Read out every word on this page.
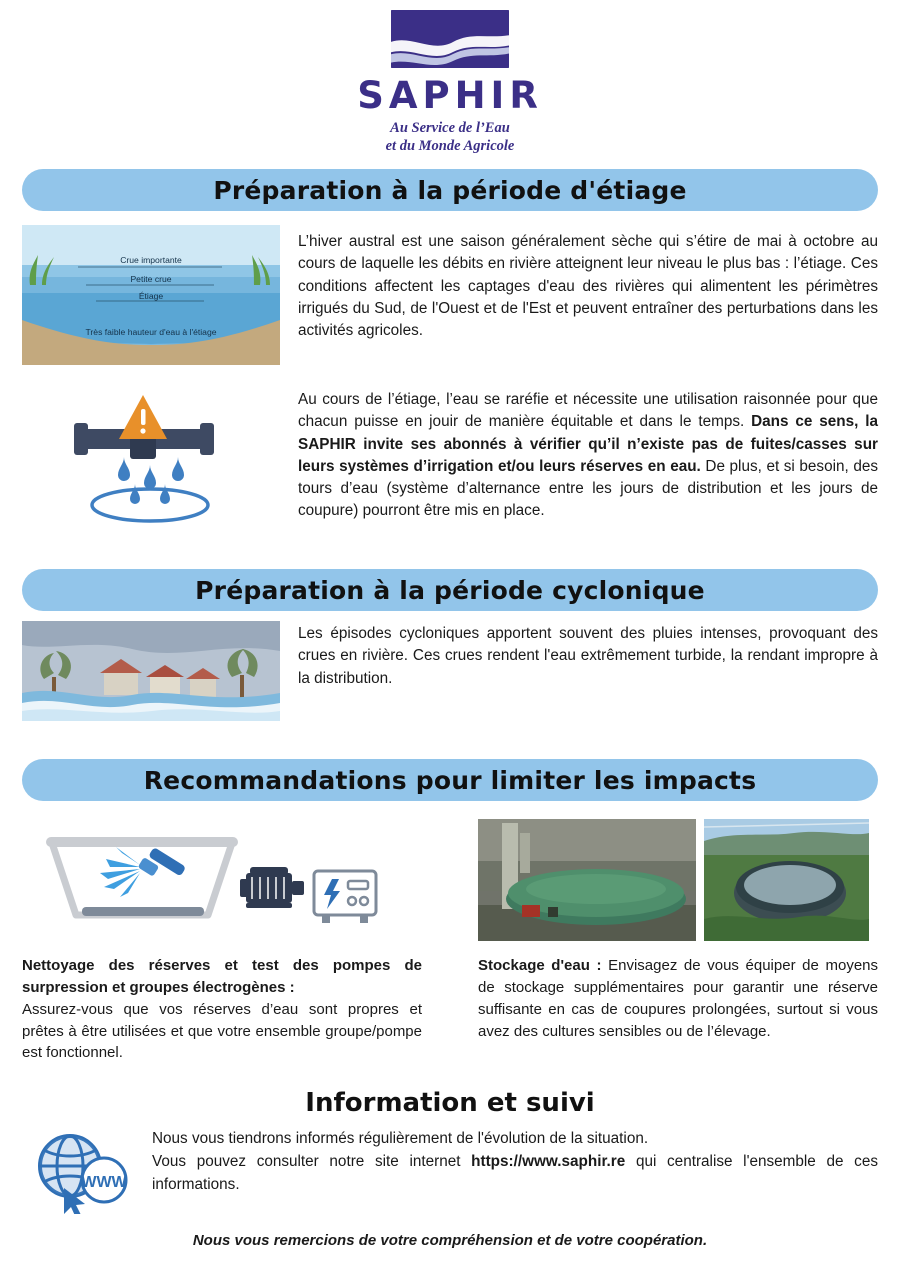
SAPHIR
Au Service de l’Eau
et du Monde Agricole
Préparation à la période d'étiage
Crue importante
Petite crue
Étiage
Très faible hauteur d'eau à l'étiage

L’hiver austral est une saison généralement sèche qui s’étire de mai à octobre au cours de laquelle les débits en rivière atteignent leur niveau le plus bas : l’étiage. Ces conditions affectent les captages d'eau des rivières qui alimentent les périmètres irrigués du Sud, de l'Ouest et de l'Est et peuvent entraîner des perturbations dans les activités agricoles.

Au cours de l’étiage, l’eau se raréfie et nécessite une utilisation raisonnée pour que chacun puisse en jouir de manière équitable et dans le temps. Dans ce sens, la SAPHIR invite ses abonnés à vérifier qu’il n’existe pas de fuites/casses sur leurs systèmes d’irrigation et/ou leurs réserves en eau. De plus, et si besoin, des tours d’eau (système d’alternance entre les jours de distribution et les jours de coupure) pourront être mis en place.

Préparation à la période cyclonique

Les épisodes cycloniques apportent souvent des pluies intenses, provoquant des crues en rivière. Ces crues rendent l'eau extrêmement turbide, la rendant impropre à la distribution.

Recommandations pour limiter les impacts

Nettoyage des réserves et test des pompes de surpression et groupes électrogènes :
Assurez-vous que vos réserves d’eau sont propres et prêtes à être utilisées et que votre ensemble groupe/pompe est fonctionnel.

Stockage d'eau : Envisagez de vous équiper de moyens de stockage supplémentaires pour garantir une réserve suffisante en cas de coupures prolongées, surtout si vous avez des cultures sensibles ou de l’élevage.

Information et suivi
WWW
Nous vous tiendrons informés régulièrement de l'évolution de la situation.
Vous pouvez consulter notre site internet https://www.saphir.re qui centralise l'ensemble de ces informations.
Nous vous remercions de votre compréhension et de votre coopération.
